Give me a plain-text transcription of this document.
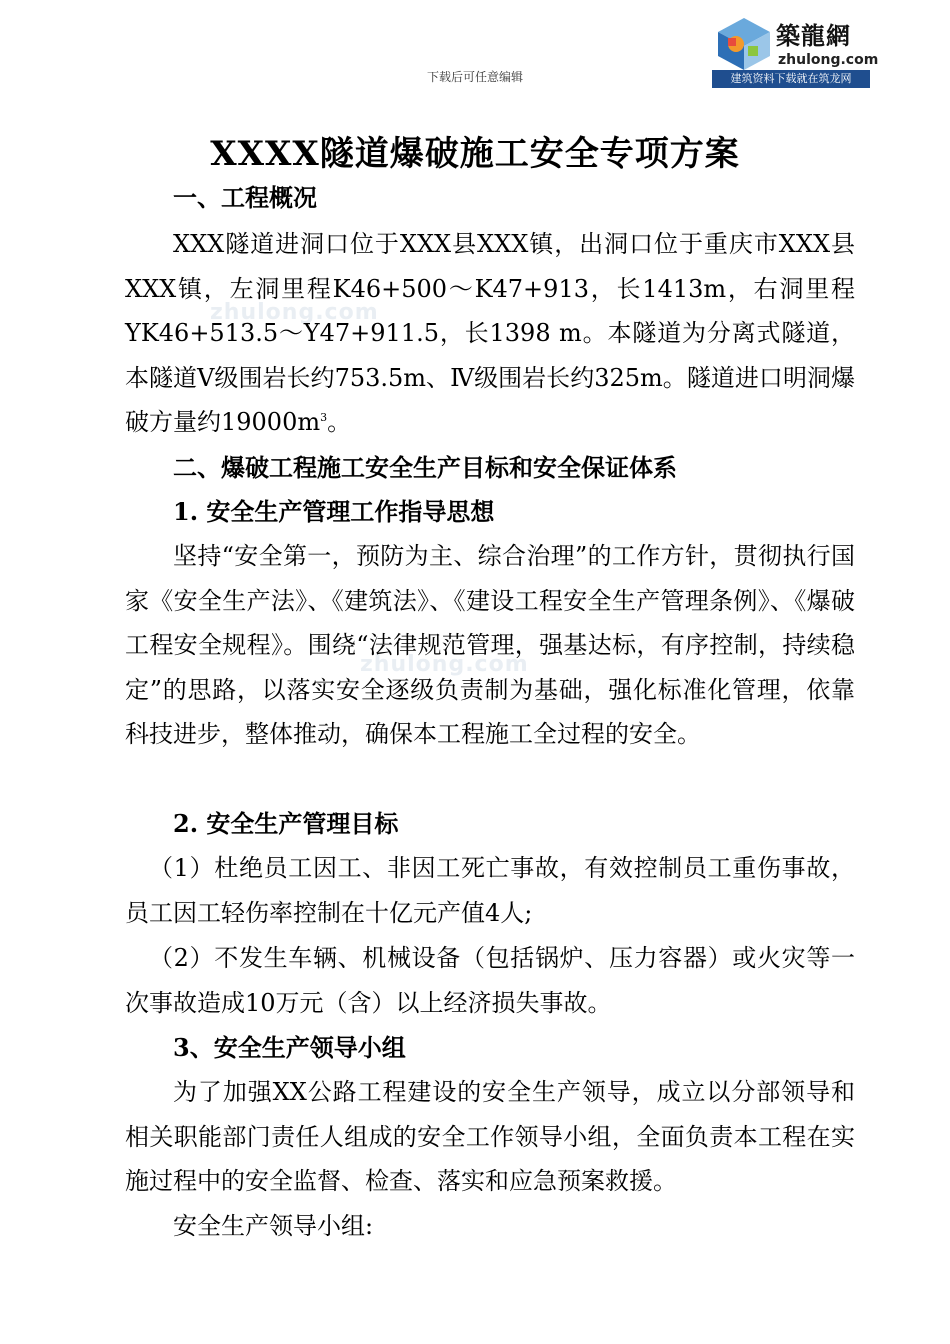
下载后可任意编辑
築龍網
zhulong.com
建筑资料下载就在筑龙网
zhulong.com
zhulong.com
XXXX隧道爆破施工安全专项方案
一、工程概况
XXX隧道进洞口位于XXX县XXX镇，出洞口位于重庆市XXX县XXX镇，左洞里程K46+500～K47+913，长1413m，右洞里程YK46+513.5～Y47+911.5，长1398 m。本隧道为分离式隧道，本隧道Ⅴ级围岩长约753.5m、Ⅳ级围岩长约325m。隧道进口明洞爆破方量约$19000m^3$。
二、爆破工程施工安全生产目标和安全保证体系
1. 安全生产管理工作指导思想
坚持“安全第一，预防为主、综合治理”的工作方针，贯彻执行国家《安全生产法》、《建筑法》、《建设工程安全生产管理条例》、《爆破工程安全规程》。围绕“法律规范管理，强基达标，有序控制，持续稳定”的思路，以落实安全逐级负责制为基础，强化标准化管理，依靠科技进步，整体推动，确保本工程施工全过程的安全。
2. 安全生产管理目标
（1）杜绝员工因工、非因工死亡事故，有效控制员工重伤事故，员工因工轻伤率控制在十亿元产值4人;
（2）不发生车辆、机械设备（包括锅炉、压力容器）或火灾等一次事故造成10万元（含）以上经济损失事故。
3、安全生产领导小组
为了加强XX公路工程建设的安全生产领导，成立以分部领导和相关职能部门责任人组成的安全工作领导小组，全面负责本工程在实施过程中的安全监督、检查、落实和应急预案救援。
安全生产领导小组:
